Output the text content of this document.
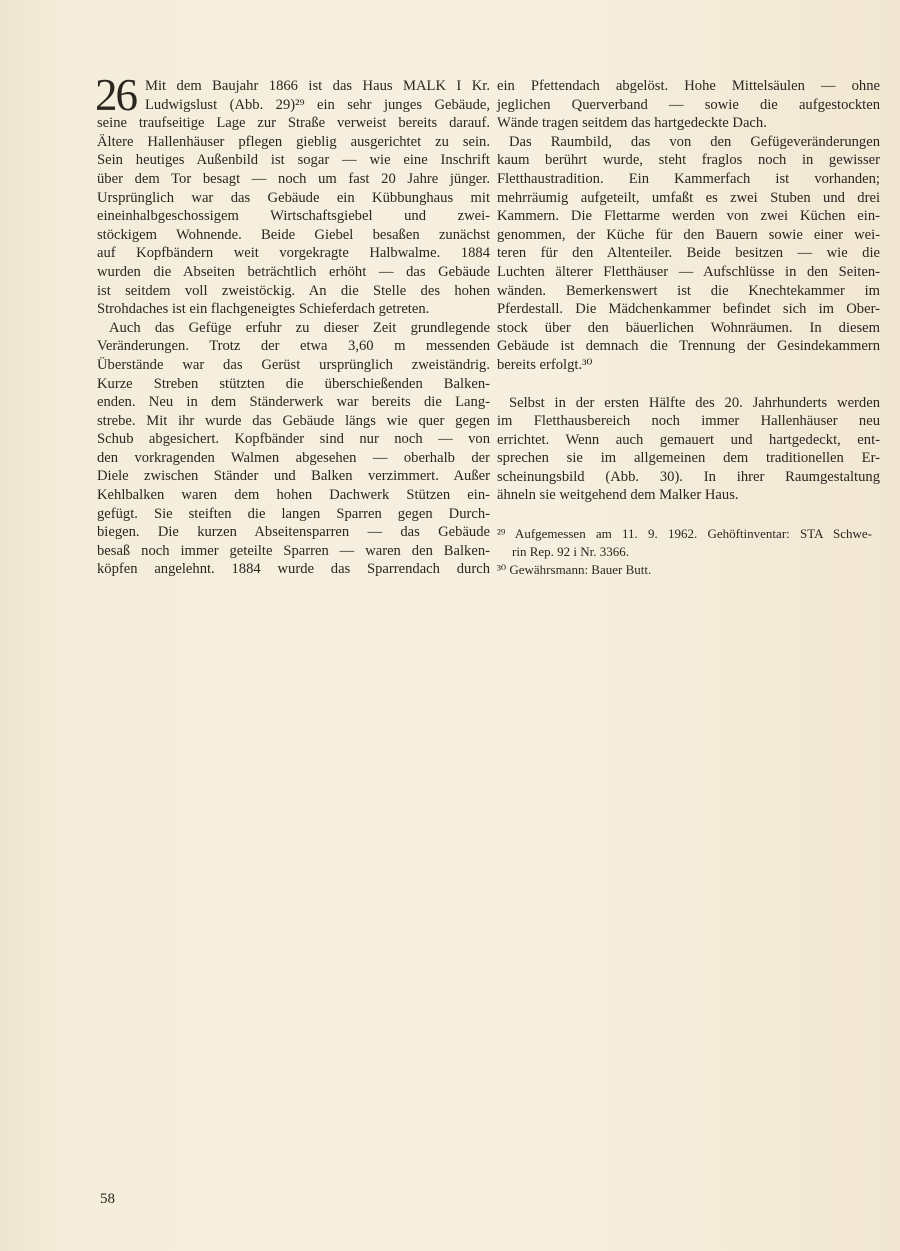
26 Mit dem Baujahr 1866 ist das Haus MALK I Kr.
Ludwigslust (Abb. 29)²⁹ ein sehr junges Gebäude,
seine traufseitige Lage zur Straße verweist bereits darauf.
Ältere Hallenhäuser pflegen gieblig ausgerichtet zu sein.
Sein heutiges Außenbild ist sogar — wie eine Inschrift
über dem Tor besagt — noch um fast 20 Jahre jünger.
Ursprünglich war das Gebäude ein Kübbunghaus mit
eineinhalbgeschossigem Wirtschaftsgiebel und zwei-
stöckigem Wohnende. Beide Giebel besaßen zunächst
auf Kopfbändern weit vorgekragte Halbwalme. 1884
wurden die Abseiten beträchtlich erhöht — das Gebäude
ist seitdem voll zweistöckig. An die Stelle des hohen
Strohdaches ist ein flachgeneigtes Schieferdach getreten.
Auch das Gefüge erfuhr zu dieser Zeit grundlegende
Veränderungen. Trotz der etwa 3,60 m messenden
Überstände war das Gerüst ursprünglich zweiständrig.
Kurze Streben stützten die überschießenden Balken-
enden. Neu in dem Ständerwerk war bereits die Lang-
strebe. Mit ihr wurde das Gebäude längs wie quer gegen
Schub abgesichert. Kopfbänder sind nur noch — von
den vorkragenden Walmen abgesehen — oberhalb der
Diele zwischen Ständer und Balken verzimmert. Außer
Kehlbalken waren dem hohen Dachwerk Stützen ein-
gefügt. Sie steiften die langen Sparren gegen Durch-
biegen. Die kurzen Abseitensparren — das Gebäude
besaß noch immer geteilte Sparren — waren den Balken-
köpfen angelehnt. 1884 wurde das Sparrendach durch
ein Pfettendach abgelöst. Hohe Mittelsäulen — ohne
jeglichen Querverband — sowie die aufgestockten
Wände tragen seitdem das hartgedeckte Dach.
Das Raumbild, das von den Gefügeveränderungen
kaum berührt wurde, steht fraglos noch in gewisser
Fletthaustradition. Ein Kammerfach ist vorhanden;
mehrräumig aufgeteilt, umfaßt es zwei Stuben und drei
Kammern. Die Flettarme werden von zwei Küchen ein-
genommen, der Küche für den Bauern sowie einer wei-
teren für den Altenteiler. Beide besitzen — wie die
Luchten älterer Fletthäuser — Aufschlüsse in den Seiten-
wänden. Bemerkenswert ist die Knechtekammer im
Pferdestall. Die Mädchenkammer befindet sich im Ober-
stock über den bäuerlichen Wohnräumen. In diesem
Gebäude ist demnach die Trennung der Gesindekammern
bereits erfolgt.³⁰
Selbst in der ersten Hälfte des 20. Jahrhunderts werden
im Fletthausbereich noch immer Hallenhäuser neu
errichtet. Wenn auch gemauert und hartgedeckt, ent-
sprechen sie im allgemeinen dem traditionellen Er-
scheinungsbild (Abb. 30). In ihrer Raumgestaltung
ähneln sie weitgehend dem Malker Haus.
²⁹ Aufgemessen am 11. 9. 1962. Gehöftinventar: STA Schwe-
rin Rep. 92 i Nr. 3366.
³⁰ Gewährsmann: Bauer Butt.
58
